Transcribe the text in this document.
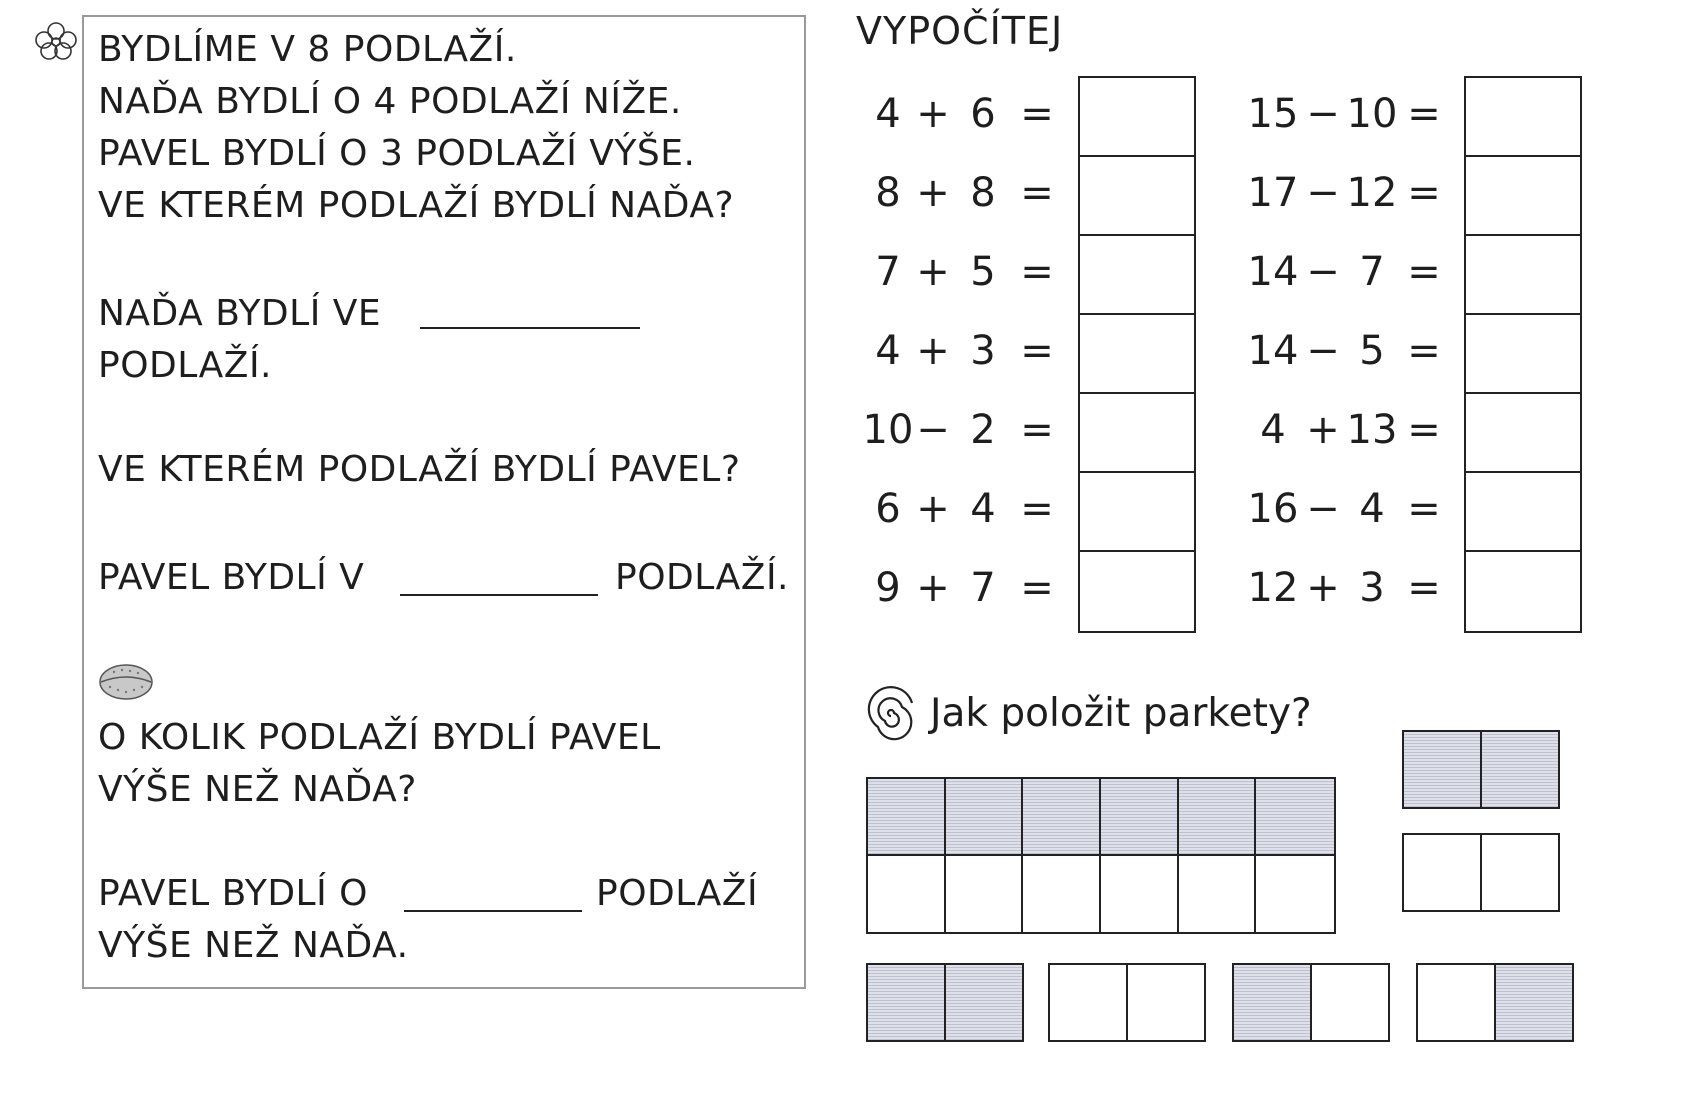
BYDLÍME V 8 PODLAŽÍ.
NAĎA BYDLÍ O 4 PODLAŽÍ NÍŽE.
PAVEL BYDLÍ O 3 PODLAŽÍ VÝŠE.
VE KTERÉM PODLAŽÍ BYDLÍ NAĎA?
NAĎA BYDLÍ VE
PODLAŽÍ.
VE KTERÉM PODLAŽÍ BYDLÍ PAVEL?
PAVEL BYDLÍ V	PODLAŽÍ.
O KOLIK PODLAŽÍ BYDLÍ PAVEL
VÝŠE NEŽ NAĎA?
PAVEL BYDLÍ O	PODLAŽÍ
VÝŠE NEŽ NAĎA.
VYPOČÍTEJ
4 + 6 =
8 + 8 =
7 + 5 =
4 + 3 =
10 − 2 =
6 + 4 =
9 + 7 =
15 − 10 =
17 − 12 =
14 − 7 =
14 − 5 =
4 + 13 =
16 − 4 =
12 + 3 =
Jak položit parkety?
